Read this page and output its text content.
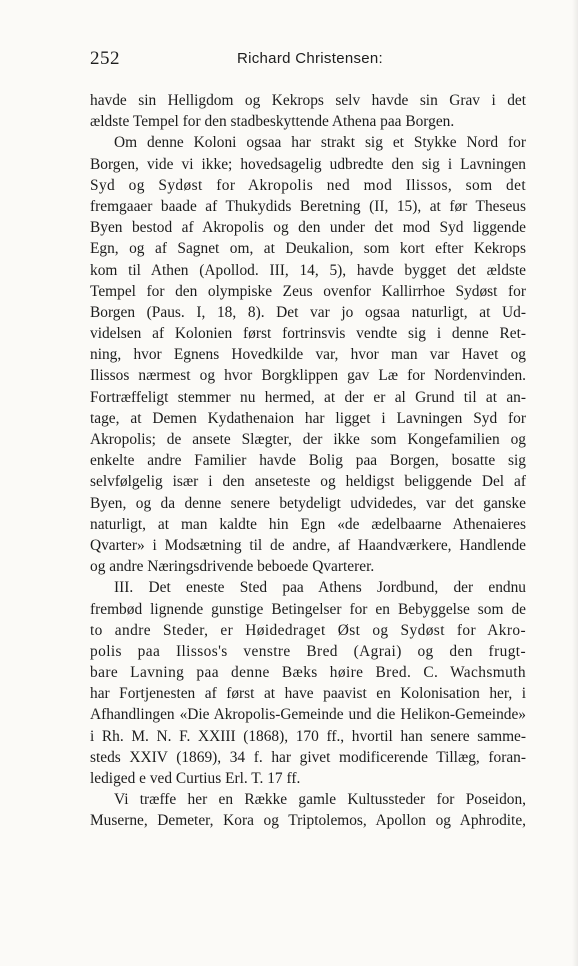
252	Richard Christensen:
havde sin Helligdom og Kekrops selv havde sin Grav i det
ældste Tempel for den stadbeskyttende Athena paa Borgen.
Om denne Koloni ogsaa har strakt sig et Stykke Nord for
Borgen, vide vi ikke; hovedsagelig udbredte den sig i Lavningen
Syd og Sydøst for Akropolis ned mod Ilissos, som det
fremgaaer baade af Thukydids Beretning (II, 15), at før Theseus
Byen bestod af Akropolis og den under det mod Syd liggende
Egn, og af Sagnet om, at Deukalion, som kort efter Kekrops
kom til Athen (Apollod. III, 14, 5), havde bygget det ældste
Tempel for den olympiske Zeus ovenfor Kallirrhoe Sydøst for
Borgen (Paus. I, 18, 8). Det var jo ogsaa naturligt, at Ud-
videlsen af Kolonien først fortrinsvis vendte sig i denne Ret-
ning, hvor Egnens Hovedkilde var, hvor man var Havet og
Ilissos nærmest og hvor Borgklippen gav Læ for Nordenvinden.
Fortræffeligt stemmer nu hermed, at der er al Grund til at an-
tage, at Demen Kydathenaion har ligget i Lavningen Syd for
Akropolis; de ansete Slægter, der ikke som Kongefamilien og
enkelte andre Familier havde Bolig paa Borgen, bosatte sig
selvfølgelig især i den anseteste og heldigst beliggende Del af
Byen, og da denne senere betydeligt udvidedes, var det ganske
naturligt, at man kaldte hin Egn «de ædelbaarne Athenaieres
Qvarter» i Modsætning til de andre, af Haandværkere, Handlende
og andre Næringsdrivende beboede Qvarterer.
III. Det eneste Sted paa Athens Jordbund, der endnu
frembød lignende gunstige Betingelser for en Bebyggelse som de
to andre Steder, er Høidedraget Øst og Sydøst for Akro-
polis paa Ilissos's venstre Bred (Agrai) og den frugt-
bare Lavning paa denne Bæks høire Bred. C. Wachsmuth
har Fortjenesten af først at have paavist en Kolonisation her, i
Afhandlingen «Die Akropolis-Gemeinde und die Helikon-Gemeinde»
i Rh. M. N. F. XXIII (1868), 170 ff., hvortil han senere samme-
steds XXIV (1869), 34 f. har givet modificerende Tillæg, foran-
lediged e ved Curtius Erl. T. 17 ff.
Vi træffe her en Række gamle Kultussteder for Poseidon,
Muserne, Demeter, Kora og Triptolemos, Apollon og Aphrodite,
